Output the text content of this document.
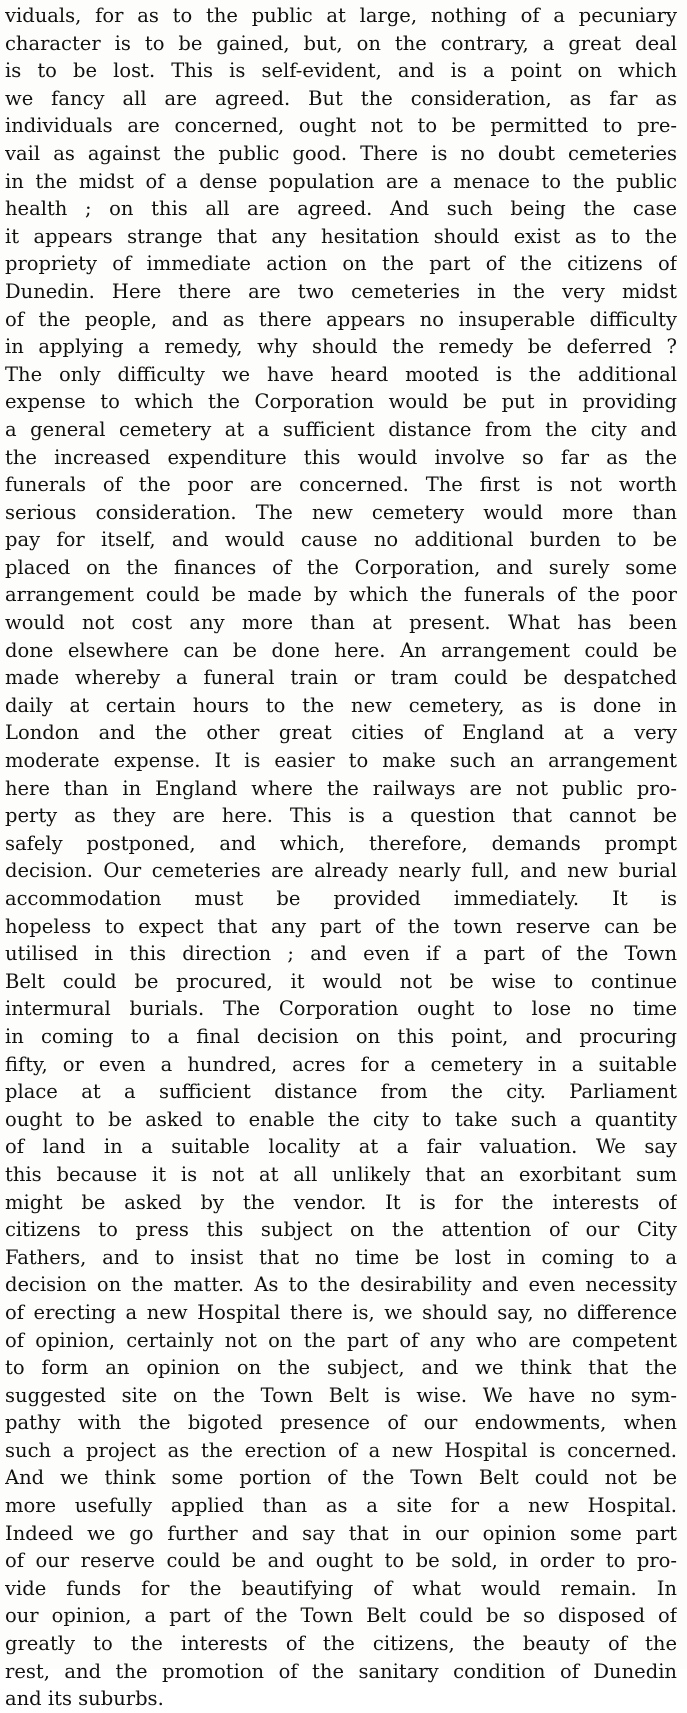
viduals, for as to the public at large, nothing of a pecuniary
character is to be gained, but, on the contrary, a great deal
is to be lost. This is self-evident, and is a point on which
we fancy all are agreed. But the consideration, as far as
individuals are concerned, ought not to be permitted to pre-
vail as against the public good. There is no doubt cemeteries
in the midst of a dense population are a menace to the public
health ; on this all are agreed. And such being the case
it appears strange that any hesitation should exist as to the
propriety of immediate action on the part of the citizens of
Dunedin. Here there are two cemeteries in the very midst
of the people, and as there appears no insuperable difficulty
in applying a remedy, why should the remedy be deferred ?
The only difficulty we have heard mooted is the additional
expense to which the Corporation would be put in providing
a general cemetery at a sufficient distance from the city and
the increased expenditure this would involve so far as the
funerals of the poor are concerned. The first is not worth
serious consideration. The new cemetery would more than
pay for itself, and would cause no additional burden to be
placed on the finances of the Corporation, and surely some
arrangement could be made by which the funerals of the poor
would not cost any more than at present. What has been
done elsewhere can be done here. An arrangement could be
made whereby a funeral train or tram could be despatched
daily at certain hours to the new cemetery, as is done in
London and the other great cities of England at a very
moderate expense. It is easier to make such an arrangement
here than in England where the railways are not public pro-
perty as they are here. This is a question that cannot be
safely postponed, and which, therefore, demands prompt
decision. Our cemeteries are already nearly full, and new burial
accommodation must be provided immediately. It is
hopeless to expect that any part of the town reserve can be
utilised in this direction ; and even if a part of the Town
Belt could be procured, it would not be wise to continue
intermural burials. The Corporation ought to lose no time
in coming to a final decision on this point, and procuring
fifty, or even a hundred, acres for a cemetery in a suitable
place at a sufficient distance from the city. Parliament
ought to be asked to enable the city to take such a quantity
of land in a suitable locality at a fair valuation. We say
this because it is not at all unlikely that an exorbitant sum
might be asked by the vendor. It is for the interests of
citizens to press this subject on the attention of our City
Fathers, and to insist that no time be lost in coming to a
decision on the matter. As to the desirability and even necessity
of erecting a new Hospital there is, we should say, no difference
of opinion, certainly not on the part of any who are competent
to form an opinion on the subject, and we think that the
suggested site on the Town Belt is wise. We have no sym-
pathy with the bigoted presence of our endowments, when
such a project as the erection of a new Hospital is concerned.
And we think some portion of the Town Belt could not be
more usefully applied than as a site for a new Hospital.
Indeed we go further and say that in our opinion some part
of our reserve could be and ought to be sold, in order to pro-
vide funds for the beautifying of what would remain. In
our opinion, a part of the Town Belt could be so disposed of
greatly to the interests of the citizens, the beauty of the
rest, and the promotion of the sanitary condition of Dunedin
and its suburbs.
